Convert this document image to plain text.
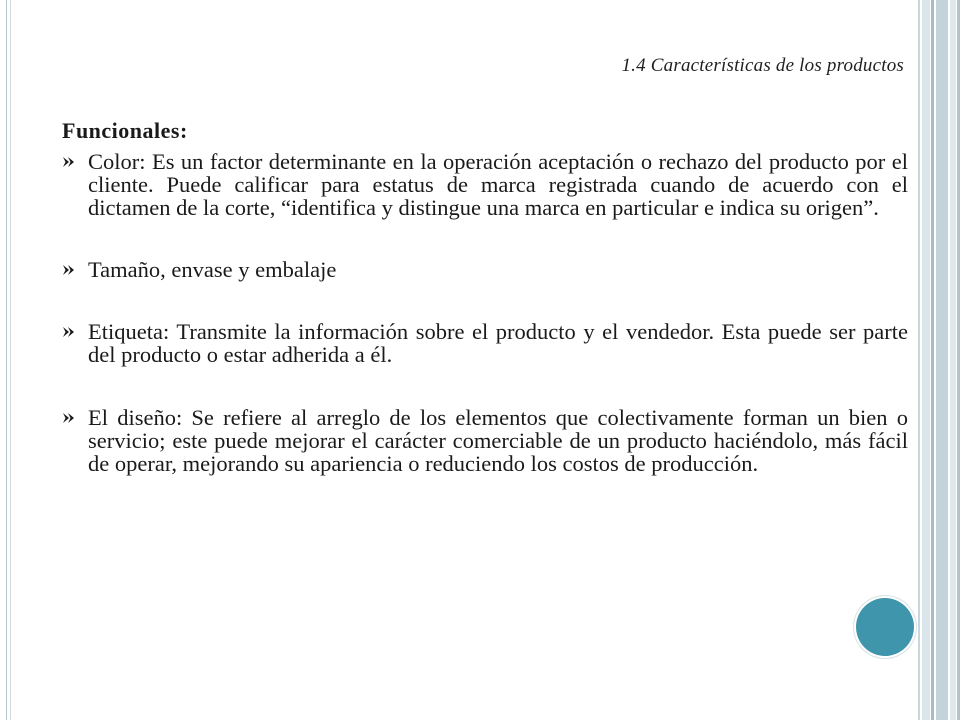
1.4 Características de los productos
Funcionales:
Color: Es un factor determinante en la operación aceptación o rechazo del producto por el cliente. Puede calificar para estatus de marca registrada cuando de acuerdo con el dictamen de la corte, “identifica y distingue una marca en particular e indica su origen”.
Tamaño, envase y embalaje
Etiqueta: Transmite la información sobre el producto y el vendedor. Esta puede ser parte del producto o estar adherida a él.
El diseño: Se refiere al arreglo de los elementos que colectivamente forman un bien o servicio; este puede mejorar el carácter comerciable de un producto haciéndolo, más fácil de operar, mejorando su apariencia o reduciendo los costos de producción.
